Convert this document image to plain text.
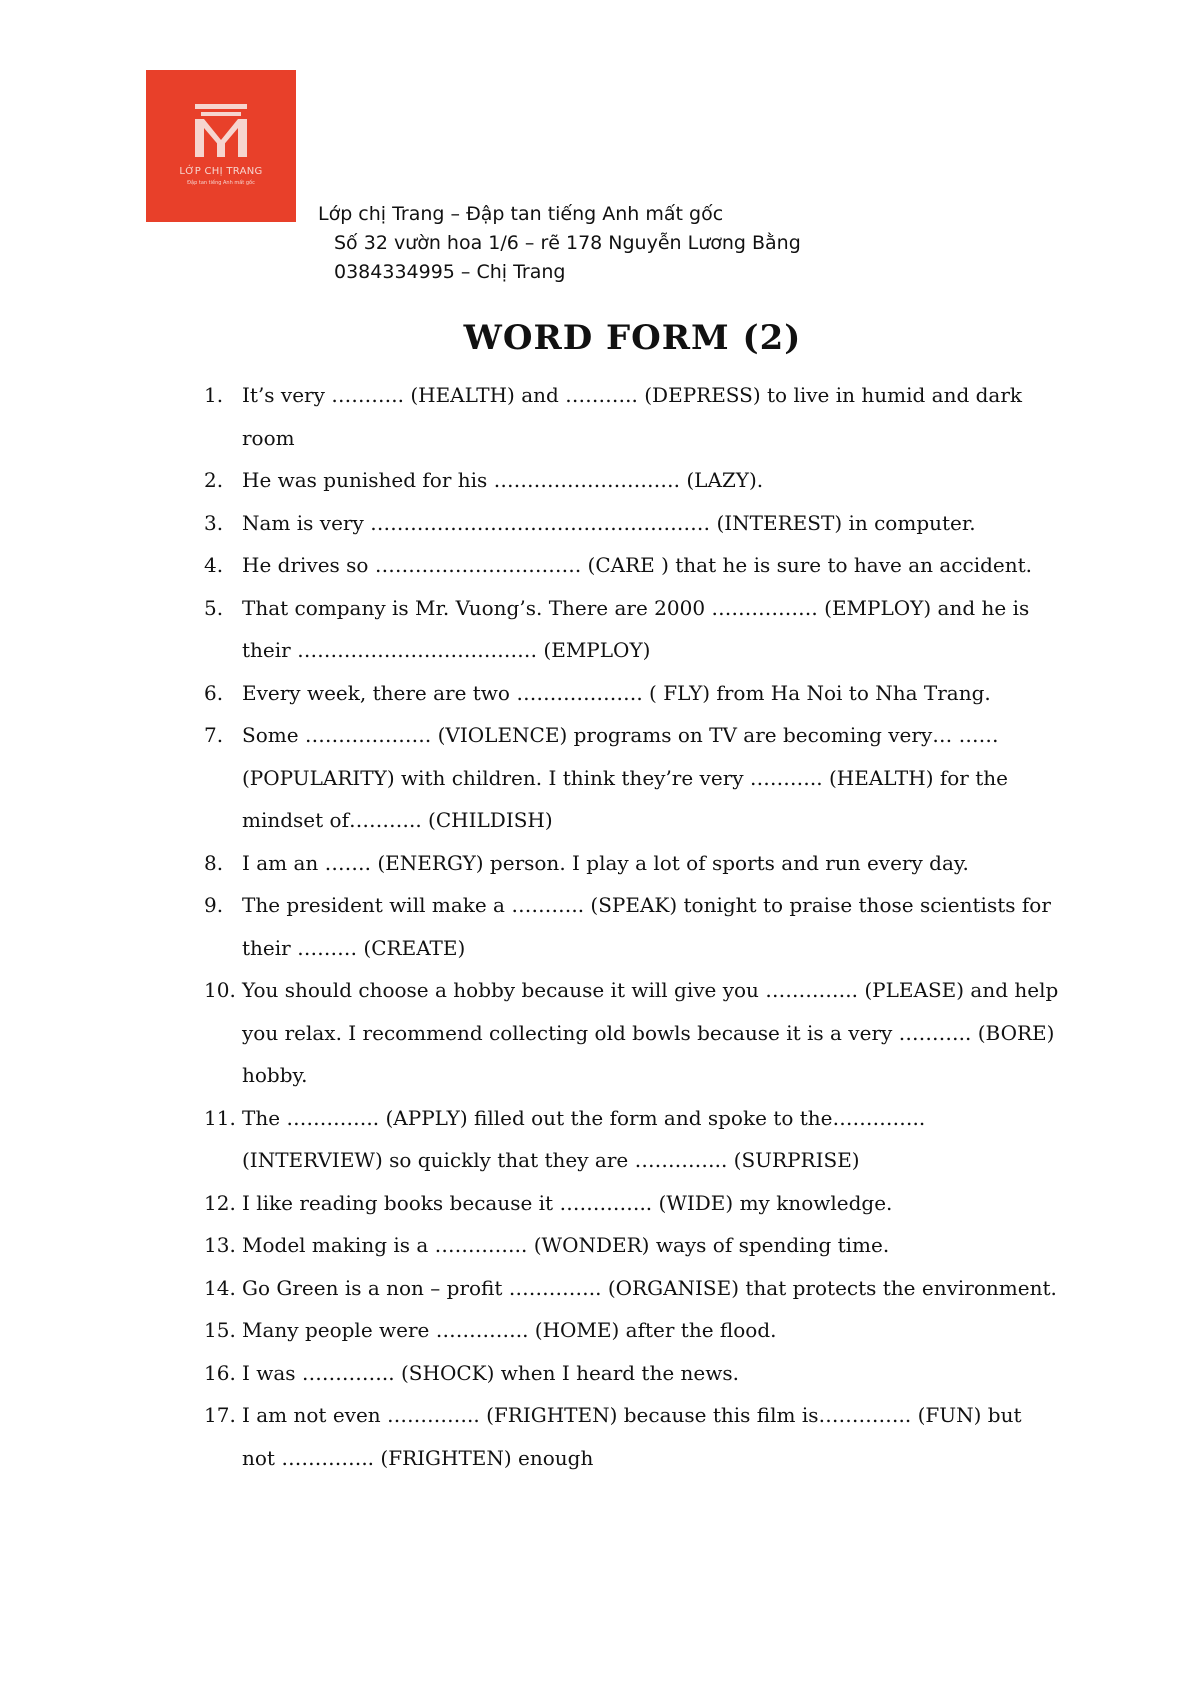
LỚP CHỊ TRANG
Đập tan tiếng Anh mất gốc
Lớp chị Trang – Đập tan tiếng Anh mất gốc
Số 32 vườn hoa 1/6 – rẽ 178 Nguyễn Lương Bằng
0384334995 – Chị Trang
WORD FORM (2)
1. It’s very ……….. (HEALTH) and ……….. (DEPRESS) to live in humid and dark room
2. He was punished for his ………………………. (LAZY).
3. Nam is very …………………………………………… (INTEREST) in computer.
4. He drives so …………………………. (CARE ) that he is sure to have an accident.
5. That company is Mr. Vuong’s. There are 2000 ……………. (EMPLOY) and he is their ……………………………… (EMPLOY)
6. Every week, there are two ………………. ( FLY) from Ha Noi to Nha Trang.
7. Some ………………. (VIOLENCE) programs on TV are becoming very… …… (POPULARITY) with children. I think they’re very ……….. (HEALTH) for the mindset of……….. (CHILDISH)
8. I am an ……. (ENERGY) person. I play a lot of sports and run every day.
9. The president will make a ……….. (SPEAK) tonight to praise those scientists for their ……… (CREATE)
10. You should choose a hobby because it will give you ………….. (PLEASE) and help you relax. I recommend collecting old bowls because it is a very ……….. (BORE) hobby.
11. The ………….. (APPLY) filled out the form and spoke to the………….. (INTERVIEW) so quickly that they are ………….. (SURPRISE)
12. I like reading books because it ………….. (WIDE) my knowledge.
13. Model making is a ………….. (WONDER) ways of spending time.
14. Go Green is a non – profit ………….. (ORGANISE) that protects the environment.
15. Many people were ………….. (HOME) after the flood.
16. I was ………….. (SHOCK) when I heard the news.
17. I am not even ………….. (FRIGHTEN) because this film is………….. (FUN) but not ………….. (FRIGHTEN) enough
